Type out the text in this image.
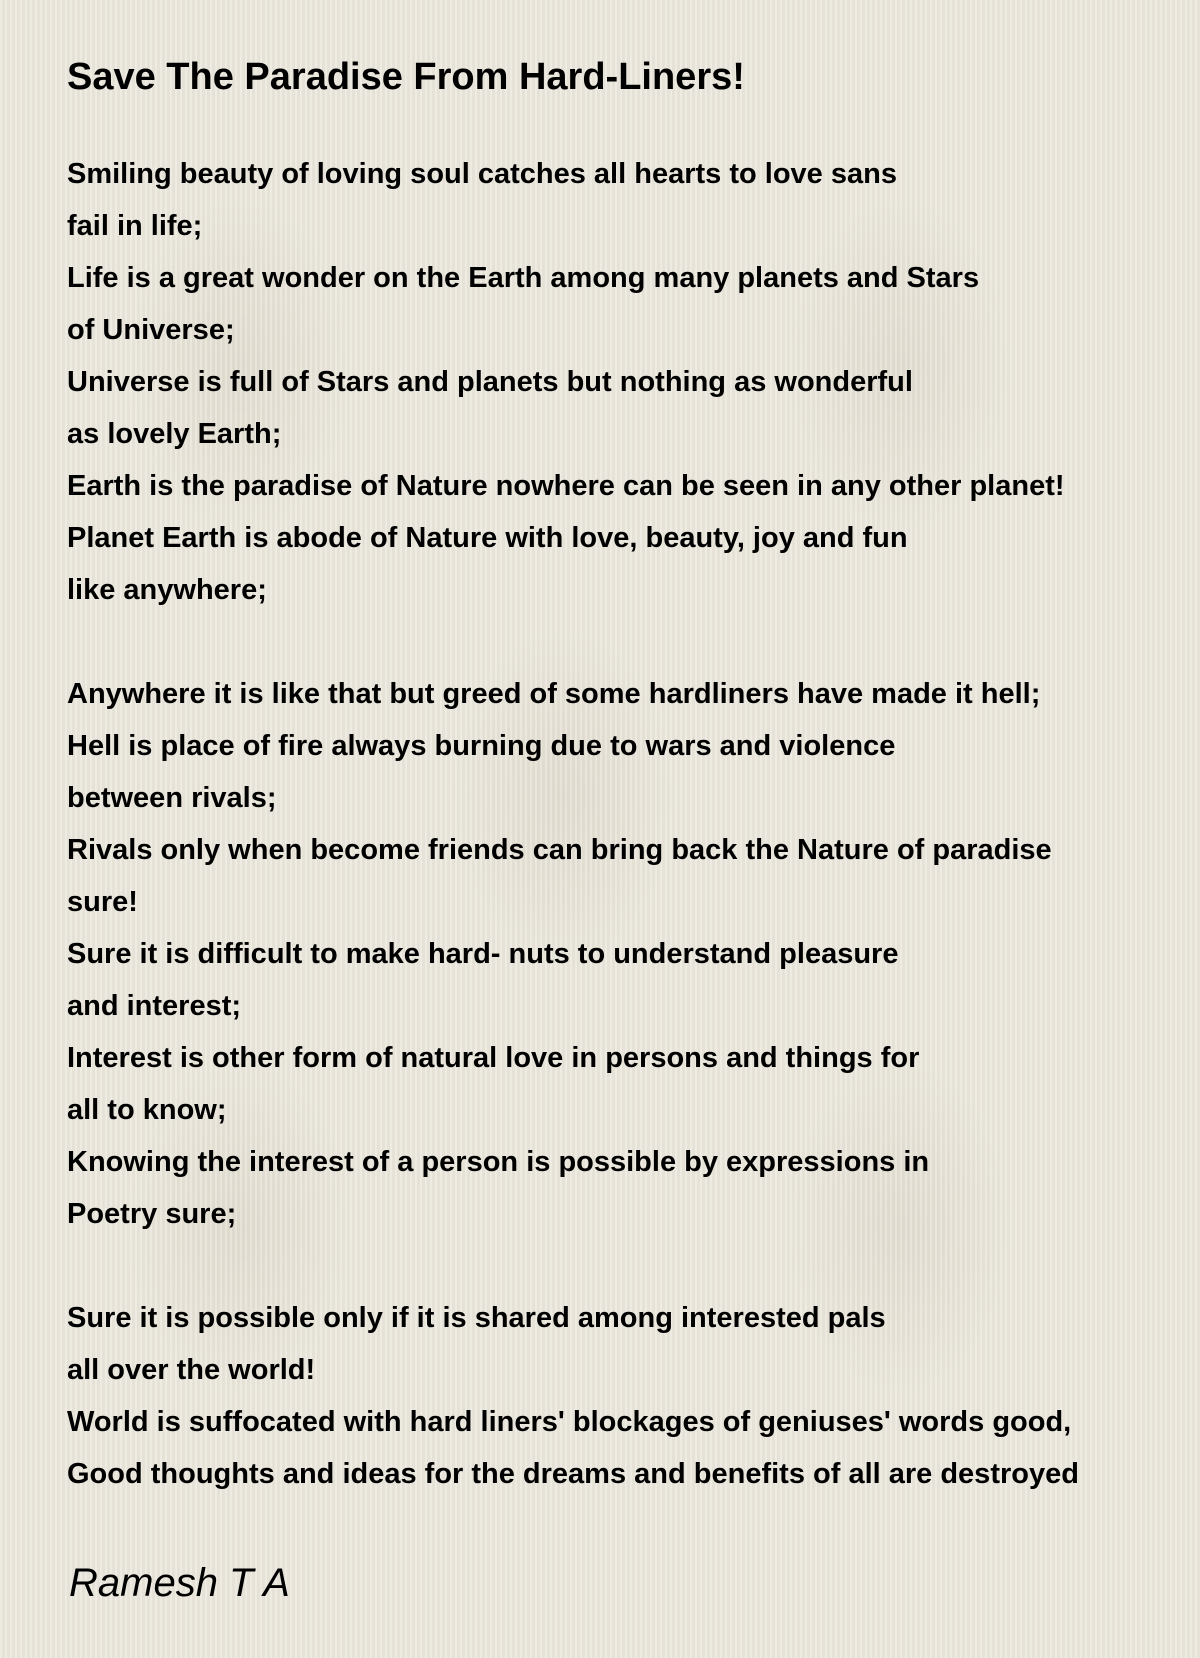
Save The Paradise From Hard-Liners!
Smiling beauty of loving soul catches all hearts to love sans
fail in life;
Life is a great wonder on the Earth among many planets and Stars
of Universe;
Universe is full of Stars and planets but nothing as wonderful
as lovely Earth;
Earth is the paradise of Nature nowhere can be seen in any other planet!
Planet Earth is abode of Nature with love, beauty, joy and fun
like anywhere;
Anywhere it is like that but greed of some hardliners have made it hell;
Hell is place of fire always burning due to wars and violence
between rivals;
Rivals only when become friends can bring back the Nature of paradise
sure!
Sure it is difficult to make hard- nuts to understand pleasure
and interest;
Interest is other form of natural love in persons and things for
all to know;
Knowing the interest of a person is possible by expressions in
Poetry sure;
Sure it is possible only if it is shared among interested pals
all over the world!
World is suffocated with hard liners' blockages of geniuses' words good,
Good thoughts and ideas for the dreams and benefits of all are destroyed
Ramesh T A
